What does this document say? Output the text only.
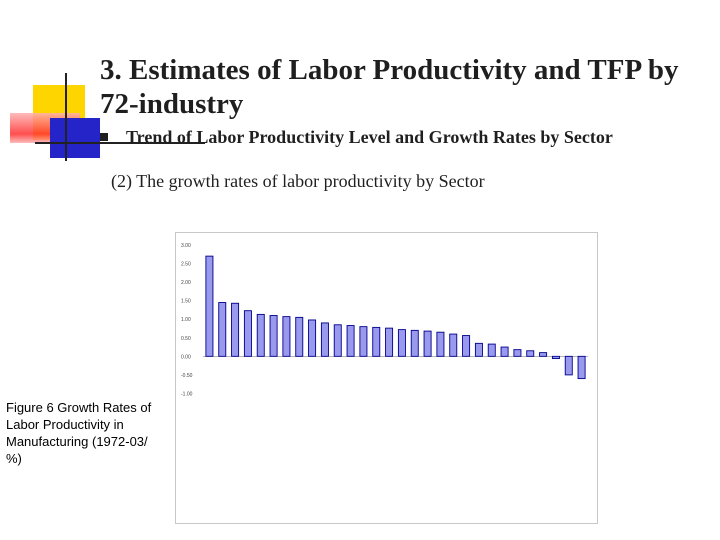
3. Estimates of Labor Productivity and TFP by 72-industry
Trend of Labor Productivity Level and Growth Rates by Sector
(2) The growth rates of labor productivity by Sector
3.00
2.50
2.00
1.50
1.00
0.50
0.00
-0.50
-1.00
Figure 6 Growth Rates of Labor Productivity in Manufacturing (1972-03/ %)
